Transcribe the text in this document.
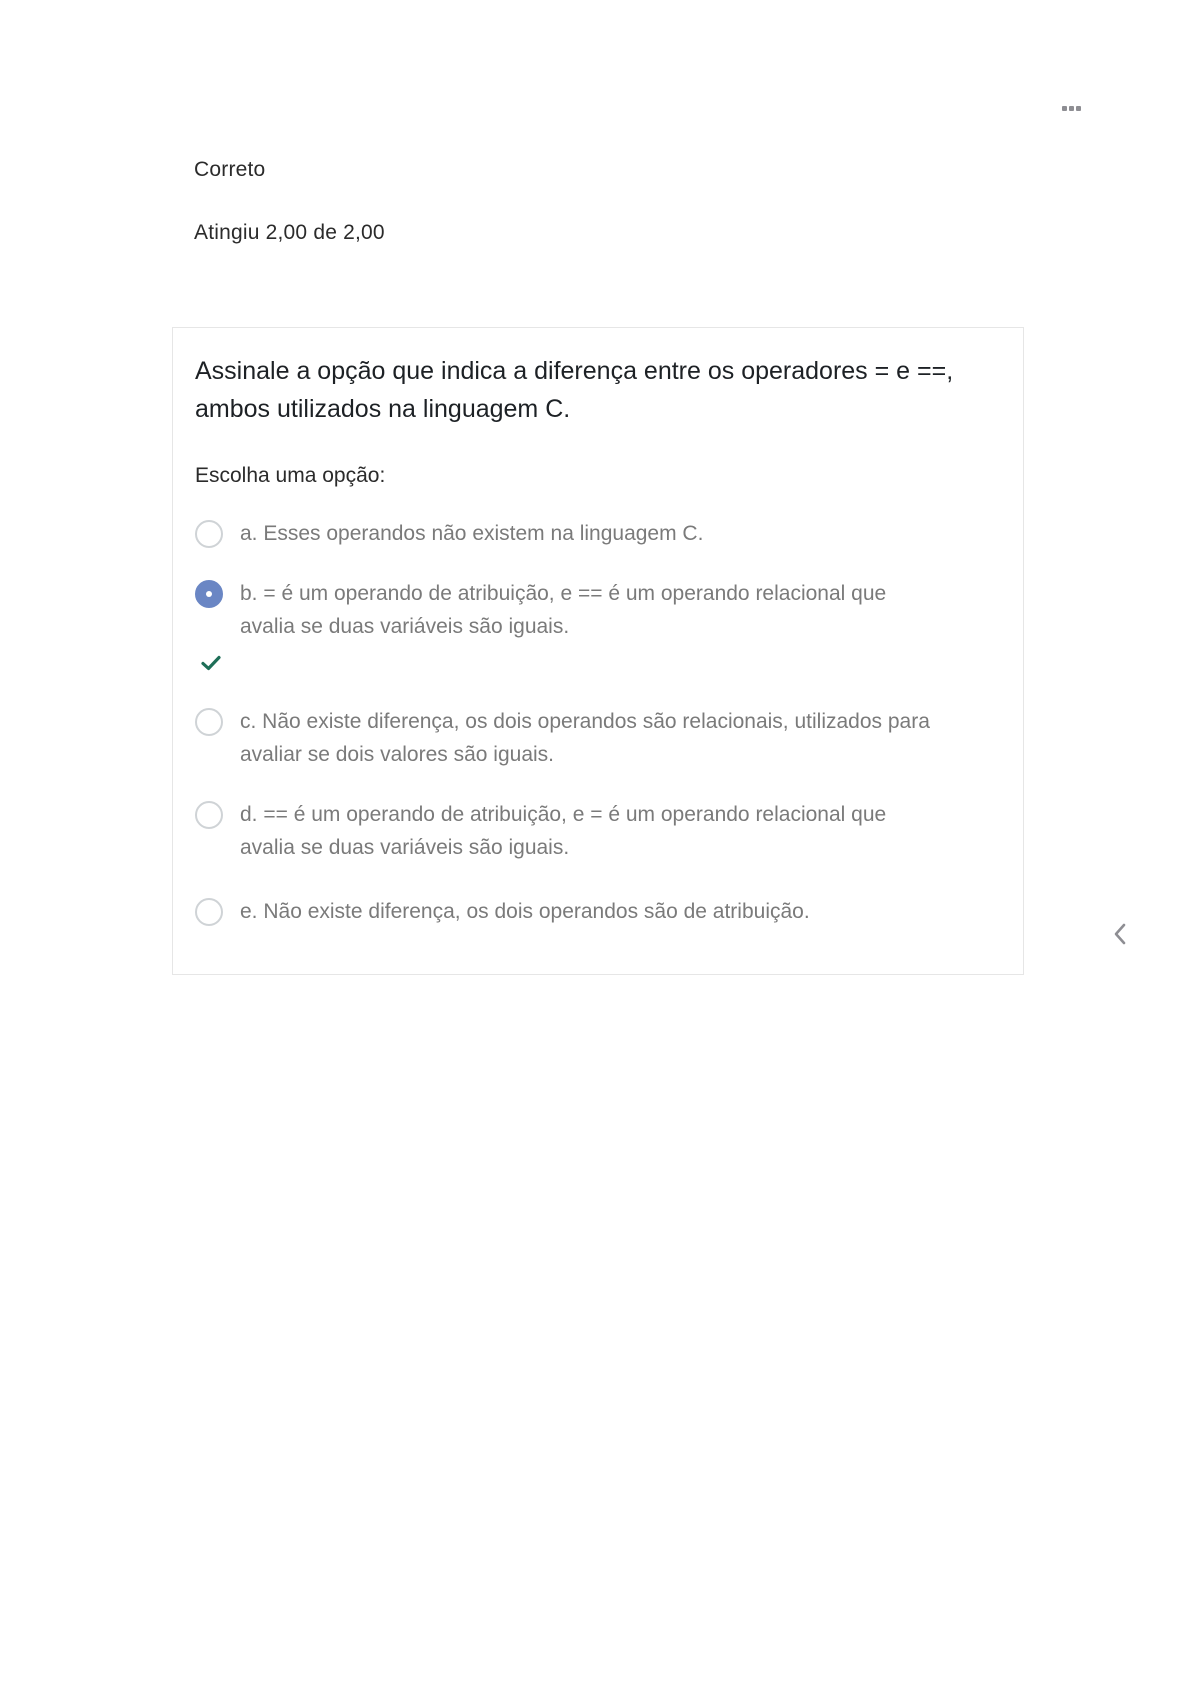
Correto
Atingiu 2,00 de 2,00
Assinale a opção que indica a diferença entre os operadores = e ==, ambos utilizados na linguagem C.
Escolha uma opção:
a. Esses operandos não existem na linguagem C.
b. = é um operando de atribuição, e == é um operando relacional que avalia se duas variáveis são iguais.
c. Não existe diferença, os dois operandos são relacionais, utilizados para avaliar se dois valores são iguais.
d. == é um operando de atribuição, e = é um operando relacional que avalia se duas variáveis são iguais.
e. Não existe diferença, os dois operandos são de atribuição.
